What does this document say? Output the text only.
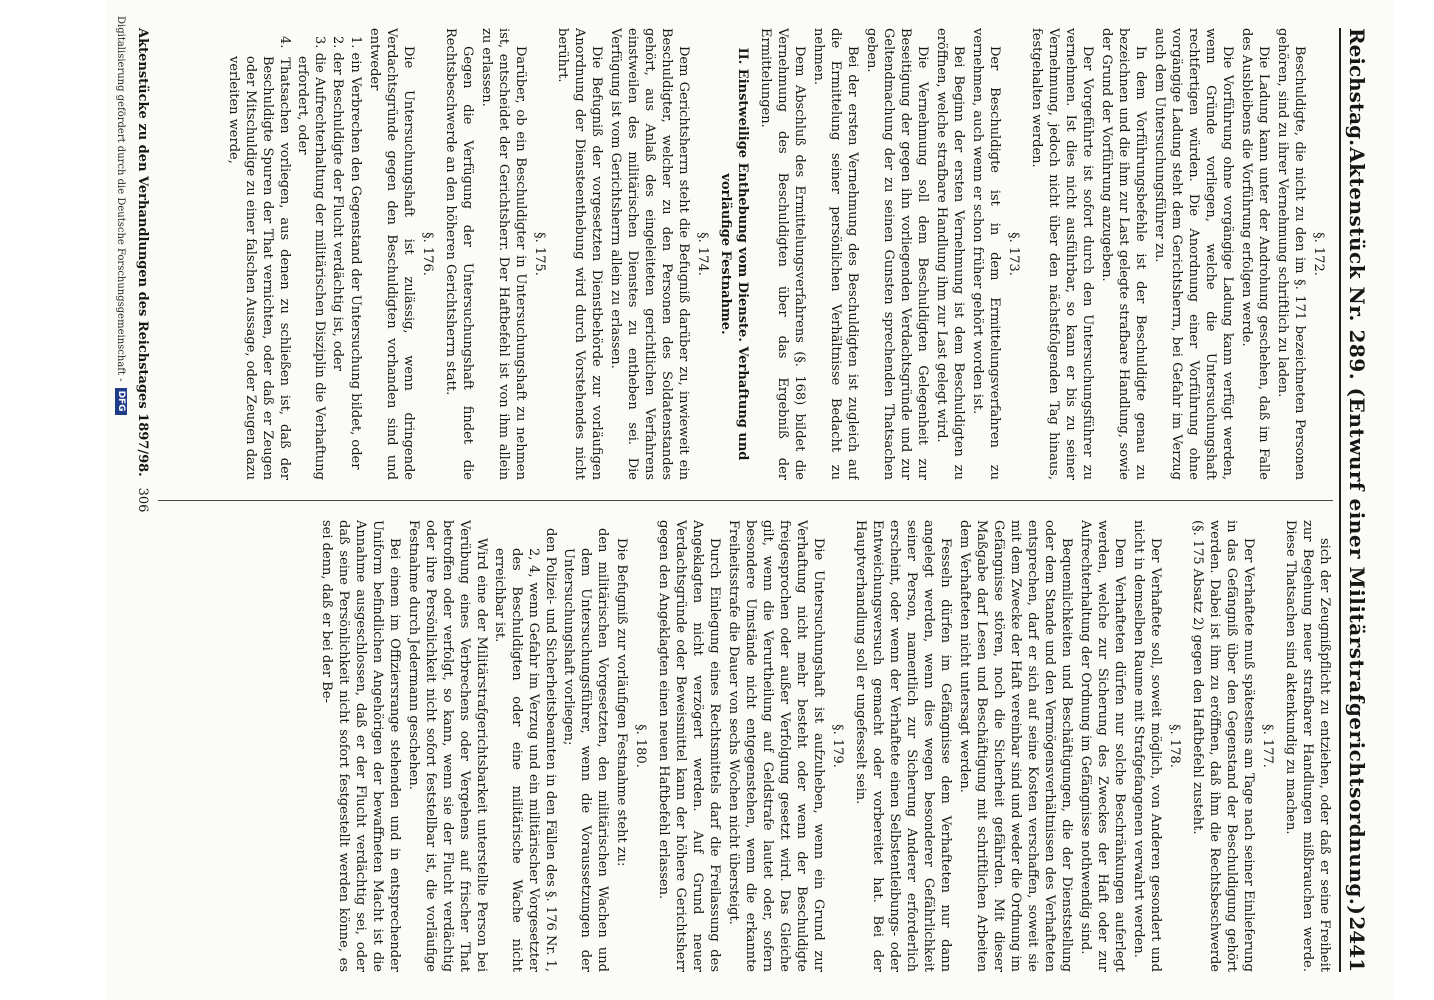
Reichstag.
Aktenstück Nr. 289. (Entwurf einer Militärstrafgerichtsordnung.)
2441

§. 172.

Beschuldigte, die nicht zu den im §. 171 bezeichneten Personen gehören, sind zu ihrer Vernehmung schriftlich zu laden.

Die Ladung kann unter der Androhung geschehen, daß im Falle des Ausbleibens die Vorführung erfolgen werde.

Die Vorführung ohne vorgängige Ladung kann verfügt werden, wenn Gründe vorliegen, welche die Untersuchungshaft rechtfertigen würden. Die Anordnung einer Vorführung ohne vorgängige Ladung steht dem Gerichtsherrn, bei Gefahr im Verzug auch dem Untersuchungsführer zu.

In dem Vorführungsbefehle ist der Beschuldigte genau zu bezeichnen und die ihm zur Last gelegte strafbare Handlung, sowie der Grund der Vorführung anzugeben.

Der Vorgeführte ist sofort durch den Untersuchungsführer zu vernehmen. Ist dies nicht ausführbar, so kann er bis zu seiner Vernehmung, jedoch nicht über den nächstfolgenden Tag hinaus, festgehalten werden.

§. 173.

Der Beschuldigte ist in dem Ermittelungsverfahren zu vernehmen, auch wenn er schon früher gehört worden ist.

Bei Beginn der ersten Vernehmung ist dem Beschuldigten zu eröffnen, welche strafbare Handlung ihm zur Last gelegt wird.

Die Vernehmung soll dem Beschuldigten Gelegenheit zur Beseitigung der gegen ihn vorliegenden Verdachtsgründe und zur Geltendmachung der zu seinen Gunsten sprechenden Thatsachen geben.

Bei der ersten Vernehmung des Beschuldigten ist zugleich auf die Ermittelung seiner persönlichen Verhältnisse Bedacht zu nehmen.

Dem Abschluß des Ermittelungsverfahrens (§. 168) bildet die Vernehmung des Beschuldigten über das Ergebniß der Ermittelungen.

II. Einstweilige Enthebung vom Dienste. Verhaftung und vorläufige Festnahme.

§. 174.

Dem Gerichtsherrn steht die Befugniß darüber zu, inwieweit ein Beschuldigter, welcher zu den Personen des Soldatenstandes gehört, aus Anlaß des eingeleiteten gerichtlichen Verfahrens einstweilen des militärischen Dienstes zu entheben sei. Die Verfügung ist vom Gerichtsherrn allein zu erlassen.

Die Befugniß der vorgesetzten Dienstbehörde zur vorläufigen Anordnung der Diensteenthebung wird durch Vorstehendes nicht berührt.

§. 175.

Darüber, ob ein Beschuldigter in Untersuchungshaft zu nehmen ist, entscheidet der Gerichtsherr. Der Haftbefehl ist von ihm allein zu erlassen.

Gegen die Verfügung der Untersuchungshaft findet die Rechtsbeschwerde an den höheren Gerichtsherrn statt.

§. 176.

Die Untersuchungshaft ist zulässig, wenn dringende Verdachtsgründe gegen den Beschuldigten vorhanden sind und entweder

1. ein Verbrechen den Gegenstand der Untersuchung bildet, oder

2. der Beschuldigte der Flucht verdächtig ist, oder

3. die Aufrechterhaltung der militärischen Disziplin die Verhaftung erfordert, oder

4. Thatsachen vorliegen, aus denen zu schließen ist, daß der Beschuldigte Spuren der That vernichten, oder daß er Zeugen oder Mitschuldige zu einer falschen Aussage, oder Zeugen dazu verleiten werde,

sich der Zeugnißpflicht zu entziehen, oder daß er seine Freiheit zur Begehung neuer strafbarer Handlungen mißbrauchen werde. Diese Thatsachen sind aktenkundig zu machen.

§. 177.

Der Verhaftete muß spätestens am Tage nach seiner Einlieferung in das Gefängniß über den Gegenstand der Beschuldigung gehört werden. Dabei ist ihm zu eröffnen, daß ihm die Rechtsbeschwerde (§. 175 Absatz 2) gegen den Haftbefehl zusteht.

§. 178.

Der Verhaftete soll, soweit möglich, von Anderen gesondert und nicht in demselben Raume mit Strafgefangenen verwahrt werden.

Dem Verhafteten dürfen nur solche Beschränkungen auferlegt werden, welche zur Sicherung des Zweckes der Haft oder zur Aufrechterhaltung der Ordnung im Gefängnisse nothwendig sind.

Bequemlichkeiten und Beschäftigungen, die der Dienststellung oder dem Stande und den Vermögensverhältnissen des Verhafteten entsprechen, darf er sich auf seine Kosten verschaffen, soweit sie mit dem Zwecke der Haft vereinbar sind und weder die Ordnung im Gefängnisse stören, noch die Sicherheit gefährden. Mit dieser Maßgabe darf Lesen und Beschäftigung mit schriftlichen Arbeiten dem Verhafteten nicht untersagt werden.

Fesseln dürfen im Gefängnisse dem Verhafteten nur dann angelegt werden, wenn dies wegen besonderer Gefährlichkeit seiner Person, namentlich zur Sicherung Anderer erforderlich erscheint, oder wenn der Verhaftete einen Selbstentleibungs- oder Entweichungsversuch gemacht oder vorbereitet hat. Bei der Hauptverhandlung soll er ungefesselt sein.

§. 179.

Die Untersuchungshaft ist aufzuheben, wenn ein Grund zur Verhaftung nicht mehr besteht oder wenn der Beschuldigte freigesprochen oder außer Verfolgung gesetzt wird. Das Gleiche gilt, wenn die Verurtheilung auf Geldstrafe lautet oder, sofern besondere Umstände nicht entgegenstehen, wenn die erkannte Freiheitsstrafe die Dauer von sechs Wochen nicht übersteigt.

Durch Einlegung eines Rechtsmittels darf die Freilassung des Angeklagten nicht verzögert werden. Auf Grund neuer Verdachtsgründe oder Beweismittel kann der höhere Gerichtsherr gegen den Angeklagten einen neuen Haftbefehl erlassen.

§. 180.

Die Befugniß zur vorläufigen Festnahme steht zu:

den militärischen Vorgesetzten, den militärischen Wachen und dem Untersuchungsführer, wenn die Voraussetzungen der Untersuchungshaft vorliegen;

den Polizei- und Sicherheitsbeamten in den Fällen des §. 176 Nr. 1, 2, 4, wenn Gefahr im Verzug und ein militärischer Vorgesetzter des Beschuldigten oder eine militärische Wache nicht erreichbar ist.

Wird eine der Militärstrafgerichtsbarkeit unterstellte Person bei Verübung eines Verbrechens oder Vergehens auf frischer That betroffen oder verfolgt, so kann, wenn sie der Flucht verdächtig oder ihre Persönlichkeit nicht sofort feststellbar ist, die vorläufige Festnahme durch Jedermann geschehen.

Bei einem im Offiziersrange stehenden und in entsprechender Uniform befindlichen Angehörigen der bewaffneten Macht ist die Annahme ausgeschlossen, daß er der Flucht verdächtig sei, oder daß seine Persönlichkeit nicht sofort festgestellt werden könne, es sei denn, daß er bei der Be-

Aktenstücke zu den Verhandlungen des Reichstages 1897/98.
306
Digitalisierung gefördert durch die Deutsche Forschungsgemeinschaft -
DFG
